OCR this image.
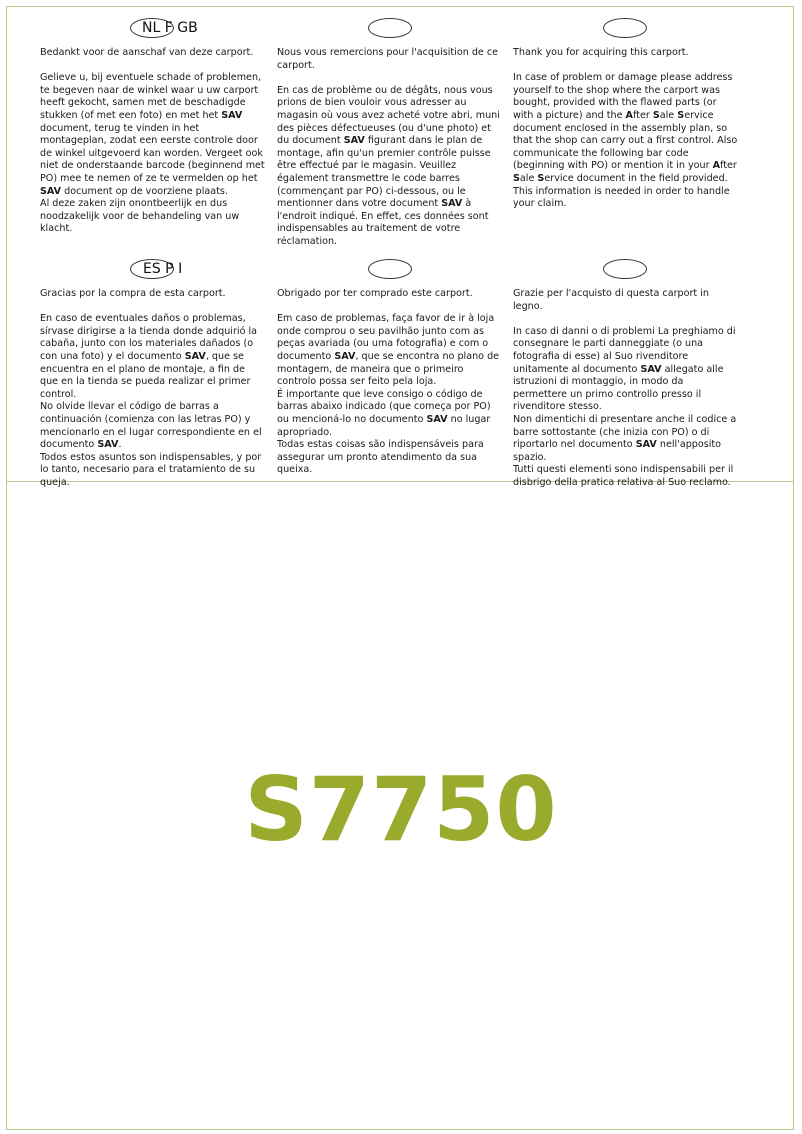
NL F GB

Bedankt voor de aanschaf van deze carport.

Gelieve u, bij eventuele schade of problemen, te begeven naar de winkel waar u uw carport heeft gekocht, samen met de beschadigde stukken (of met een foto) en met het SAV document, terug te vinden in het montageplan, zodat een eerste controle door de winkel uitgevoerd kan worden. Vergeet ook niet de onderstaande barcode (beginnend met PO) mee te nemen of ze te vermelden op het SAV document op de voorziene plaats.

Al deze zaken zijn onontbeerlijk en dus noodzakelijk voor de behandeling van uw klacht.

Nous vous remercions pour l'acquisition de ce carport.

En cas de problème ou de dégâts, nous vous prions de bien vouloir vous adresser au magasin où vous avez acheté votre abri, muni des pièces défectueuses (ou d'une photo) et du document SAV figurant dans le plan de montage, afin qu'un premier contrôle puisse être effectué par le magasin. Veuillez également transmettre le code barres (commençant par PO) ci-dessous, ou le mentionner dans votre document SAV à l'endroit indiqué. En effet, ces données sont indispensables au traitement de votre réclamation.

Thank you for acquiring this carport.

In case of problem or damage please address yourself to the shop where the carport was bought, provided with the flawed parts (or with a picture) and the After Sale Service document enclosed in the assembly plan, so that the shop can carry out a first control. Also communicate the following bar code (beginning with PO) or mention it in your After Sale Service document in the field provided. This information is needed in order to handle your claim.

ES P I

Gracias por la compra de esta carport.

En caso de eventuales daños o problemas, sírvase dirigirse a la tienda donde adquirió la cabaña, junto con los materiales dañados (o con una foto) y el documento SAV, que se encuentra en el plano de montaje, a fin de que en la tienda se pueda realizar el primer control.

No olvide llevar el código de barras a continuación (comienza con las letras PO) y mencionarlo en el lugar correspondiente en el documento SAV.

Todos estos asuntos son indispensables, y por lo tanto, necesario para el tratamiento de su queja.

Obrigado por ter comprado este carport.

Em caso de problemas, faça favor de ir à loja onde comprou o seu pavilhão junto com as peças avariada (ou uma fotografia) e com o documento SAV, que se encontra no plano de montagem, de maneira que o primeiro controlo possa ser feito pela loja.

É importante que leve consigo o código de barras abaixo indicado (que começa por PO) ou mencioná-lo no documento SAV no lugar apropriado.

Todas estas coisas são indispensáveis para assegurar um pronto atendimento da sua queixa.

Grazie per l'acquisto di questa carport in legno.

In caso di danni o di problemi La preghiamo di consegnare le parti danneggiate (o una fotografia di esse) al Suo rivenditore unitamente al documento SAV allegato alle istruzioni di montaggio, in modo da permettere un primo controllo presso il rivenditore stesso.

Non dimentichi di presentare anche il codice a barre sottostante (che inizia con PO) o di riportarlo nel documento SAV nell'apposito spazio.

Tutti questi elementi sono indispensabili per il disbrigo della pratica relativa al Suo reclamo.

S7750
